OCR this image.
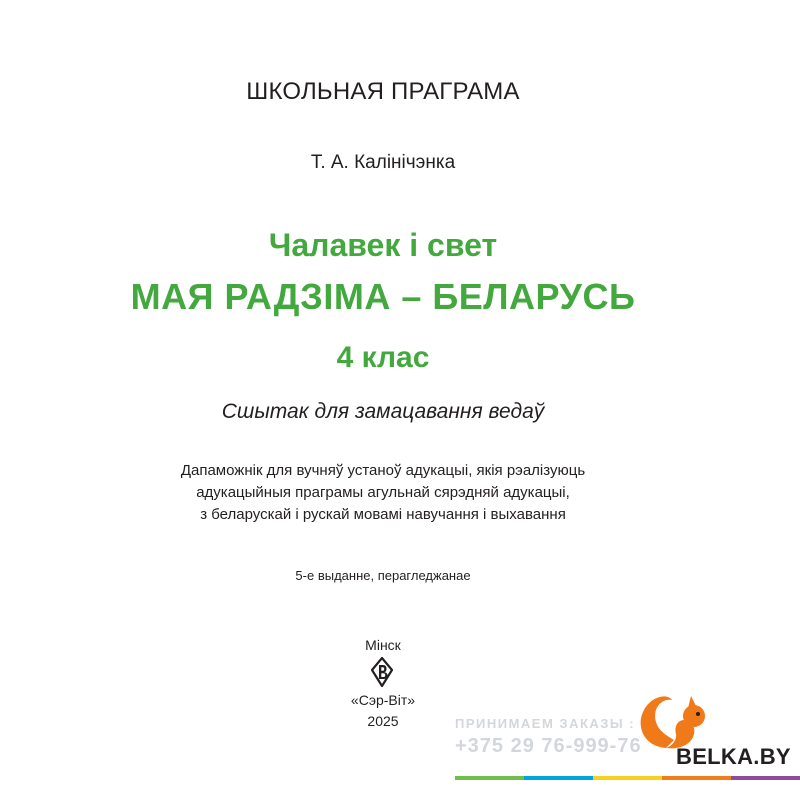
ШКОЛЬНАЯ ПРАГРАМА
Т. А. Калінічэнка
Чалавек і свет
МАЯ РАДЗІМА – БЕЛАРУСЬ
4 клас
Сшытак для замацавання ведаў
Дапаможнік для вучняў устаноў адукацыі, якія рэалізуюць
адукацыйныя праграмы агульнай сярэдняй адукацыі,
з беларускай і рускай мовамі навучання і выхавання
5-е выданне, перагледжанае
Мінск
«Сэр-Віт»
2025	ПРИНИМАЕМ ЗАКАЗЫ :
+375 29 76-999-76 BELKA.BY
